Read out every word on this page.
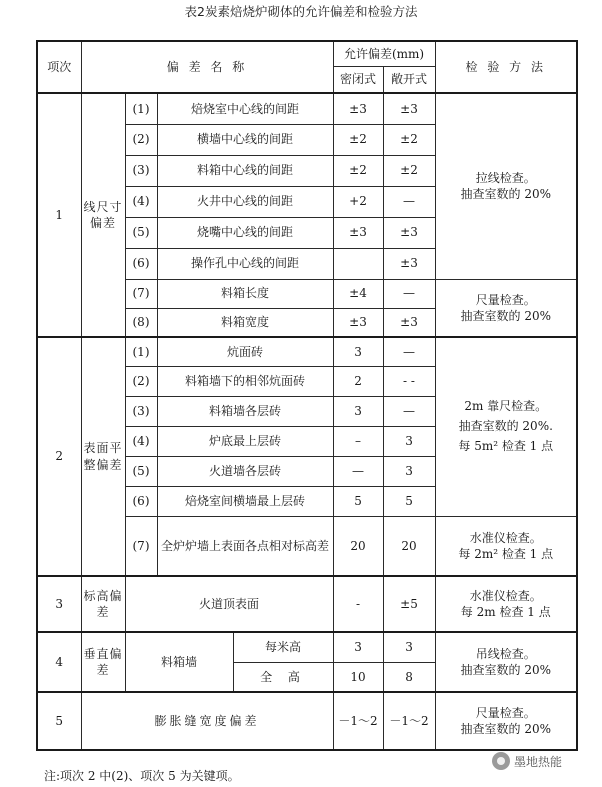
表2炭素焙烧炉砌体的允许偏差和检验方法
项次	偏 差 名 称				允许偏差(mm)		检 验 方 法
					密闭式	敞开式	
1	线尺寸偏差	(1)	焙烧室中心线的间距		±3	±3	拉线检查。
抽查室数的 20%

		(2)	横墙中心线的间距		±2	±2	
		(3)	料箱中心线的间距		±2	±2	
		(4)	火井中心线的间距		+2	—	
		(5)	烧嘴中心线的间距		±3	±3	
		(6)	操作孔中心线的间距			±3	
		(7)	料箱长度		±4	—	尺量检查。
抽查室数的 20%

		(8)	料箱宽度		±3	±3	
2	表面平整偏差	(1)	炕面砖		3	—	2m 靠尺检查。
抽查室数的 20%.
每 5m² 检查 1 点

		(2)	料箱墙下的相邻炕面砖		2	- -	
		(3)	料箱墙各层砖		3	—	
		(4)	炉底最上层砖		–	3	
		(5)	火道墙各层砖		—	3	
		(6)	焙烧室间横墙最上层砖		5	5	
		(7)	全炉炉墙上表面各点相对标高差		20	20	水准仪检查。
每 2m² 检查 1 点

3	标高偏差	火道顶表面			-	±5	水准仪检查。
每 2m 检查 1 点

4	垂直偏差	料箱墙		每米高	3	3	吊线检查。
抽查室数的 20%

				全 高	10	8	
5	膨胀缝宽度偏差				－1～2	－1～2	尺量检查。
抽查室数的 20%
注:项次 2 中(2)、项次 5 为关键项。
墨地热能
